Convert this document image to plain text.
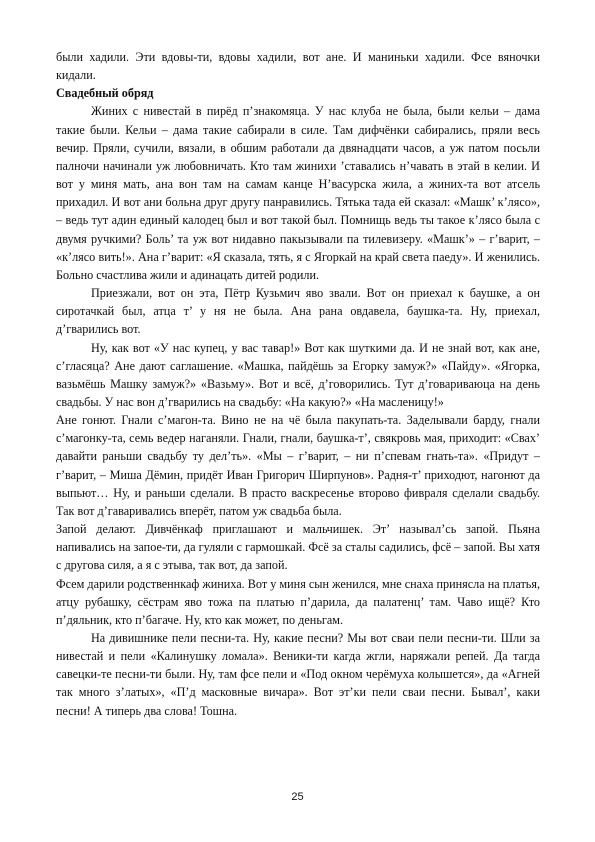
были хадили. Эти вдовы-ти, вдовы хадили, вот ане. И маниньки хадили. Фсе вяночки кидали.

Свадебный обряд

Жиних с нивестай в пирёд п’знакомяца. У нас клуба не была, были кельи – дама такие были. Кельи – дама такие сабирали в силе. Там дифчёнки сабирались, пряли весь вечир. Пряли, сучили, вязали, в обшим работали да двянадцати часов, а уж патом посьли палночи начинали уж любовничать. Кто там жинихи ’ставались н’чавать в этай в келии. И вот у миня мать, ана вон там на самам канце Н’васурска жила, а жиних-та вот атсель прихадил. И вот ани больна друг другу панравились. Тятька тада ей сказал: «Машк’ к’лясо», – ведь тут адин единый калодец был и вот такой был. Помнищь ведь ты такое к’лясо была с двумя ручкими? Боль’ та уж вот нидавно пакызывали па тилевизеру. «Машк’» – г’варит, – «к’лясо вить!». Ана г’варит: «Я сказала, тять, я с Ягоркай на край света паеду». И женились. Больно счастлива жили и адинацать дитей родили.

Приезжали, вот он эта, Пётр Кузьмич яво звали. Вот он приехал к баушке, а он сиротачкай был, атца т’ у ня не была. Ана рана овдавела, баушка-та. Ну, приехал, д’гварились вот.

Ну, как вот «У нас купец, у вас тавар!» Вот как шуткими да. И не знай вот, как ане, с’гласяца? Ане дают саглашение. «Машка, пайдёшь за Егорку замуж?» «Пайду». «Ягорка, вазьмёшь Машку замуж?» «Вазьму». Вот и всё, д’говорились. Тут д’говариваюца на день свадьбы. У нас вон д’гварились на свадьбу: «На какую?» «На масленицу!»

Ане гонют. Гнали с’магон-та. Вино не на чё была пакупать-та. Заделывали барду, гнали с’магонку-та, семь ведер наганяли. Гнали, гнали, баушка-т’, свякровь мая, приходит: «Свах’ давайти раньши свадьбу ту дел’ть». «Мы – г’варит, – ни п’спевам гнать-та». «Придут – г’варит, – Миша Дёмин, придёт Иван Григорич Ширпунов». Радня-т’ приходют, нагонют да выпьют… Ну, и раньши сделали. В прасто васкресенье второво фивраля сделали свадьбу. Так вот д’гаваривались вперёт, патом уж свадьба была.

Запой делают. Дивчёнкаф приглашают и мальчишек. Эт’ называл’сь запой. Пьяна напивались на запое-ти, да гуляли с гармошкай. Фсё за сталы садились, фсё – запой. Вы хатя с другова силя, а я с этыва, так вот, да запой.

Фсем дарили родственнкаф жиниха. Вот у миня сын женился, мне снаха принясла на платья, атцу рубашку, сёстрам яво тожа па платью п’дарила, да палатенц’ там. Чаво ищё? Кто п’дяльник, кто п’багаче. Ну, кто как может, по деньгам.

На дивишнике пели песни-та. Ну, какие песни? Мы вот сваи пели песни-ти. Шли за нивестай и пели «Калинушку ломала». Веники-ти кагда жгли, наряжали репей. Да тагда савецки-те песни-ти были. Ну, там фсе пели и «Под окном черёмуха колышется», да «Агней так много з’латых», «П’д масковные вичара». Вот эт’ки пели сваи песни. Бывал’, каки песни! А типерь два слова! Тошна.

25
